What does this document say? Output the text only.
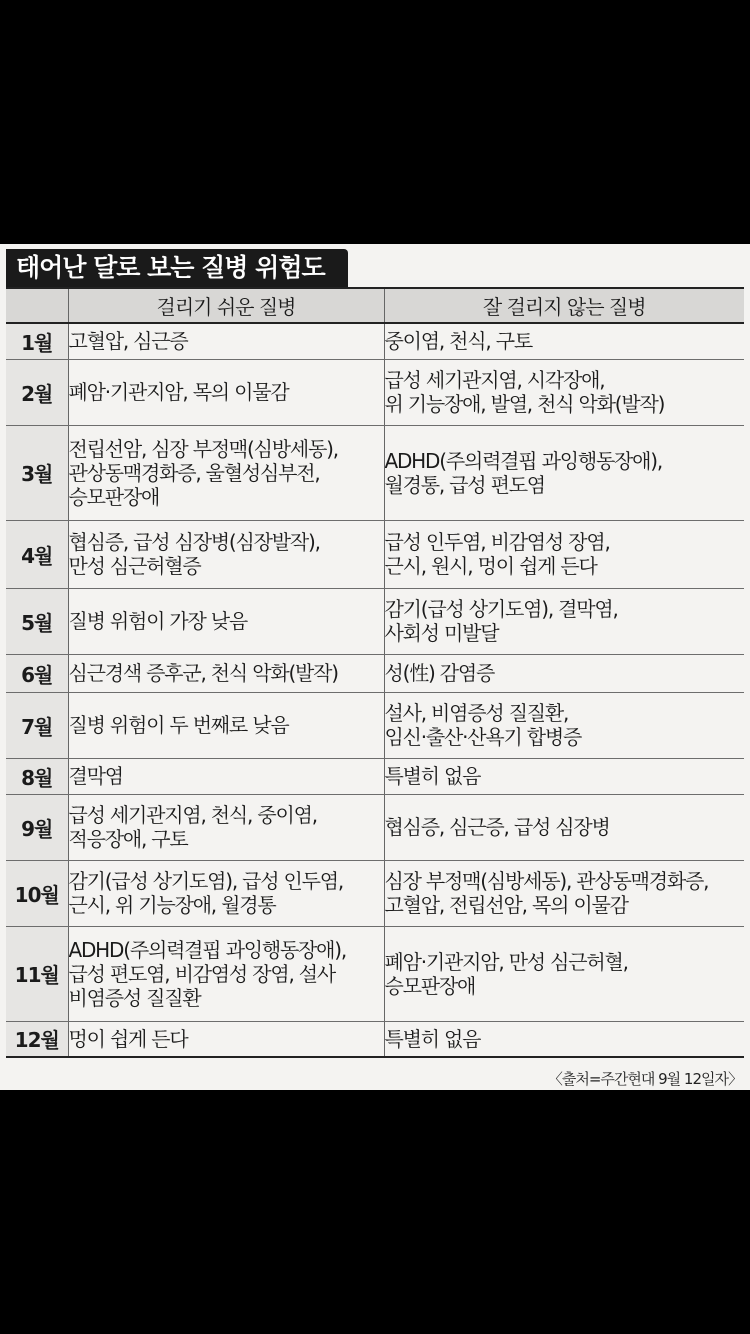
태어난 달로 보는 질병 위험도
	걸리기 쉬운 질병	잘 걸리지 않는 질병
1월	고혈압, 심근증	중이염, 천식, 구토
2월	폐암·기관지암, 목의 이물감	급성 세기관지염, 시각장애,
위 기능장애, 발열, 천식 악화(발작)
3월	전립선암, 심장 부정맥(심방세동),
관상동맥경화증, 울혈성심부전,
승모판장애	ADHD(주의력결핍 과잉행동장애),
월경통, 급성 편도염
4월	협심증, 급성 심장병(심장발작),
만성 심근허혈증	급성 인두염, 비감염성 장염,
근시, 원시, 멍이 쉽게 든다
5월	질병 위험이 가장 낮음	감기(급성 상기도염), 결막염,
사회성 미발달
6월	심근경색 증후군, 천식 악화(발작)	성(性) 감염증
7월	질병 위험이 두 번째로 낮음	설사, 비염증성 질질환,
임신·출산·산욕기 합병증
8월	결막염	특별히 없음
9월	급성 세기관지염, 천식, 중이염,
적응장애, 구토	협심증, 심근증, 급성 심장병
10월	감기(급성 상기도염), 급성 인두염,
근시, 위 기능장애, 월경통	심장 부정맥(심방세동), 관상동맥경화증,
고혈압, 전립선암, 목의 이물감
11월	ADHD(주의력결핍 과잉행동장애),
급성 편도염, 비감염성 장염, 설사
비염증성 질질환	폐암·기관지암, 만성 심근허혈,
승모판장애
12월	멍이 쉽게 든다	특별히 없음
〈출처=주간현대 9월 12일자〉
